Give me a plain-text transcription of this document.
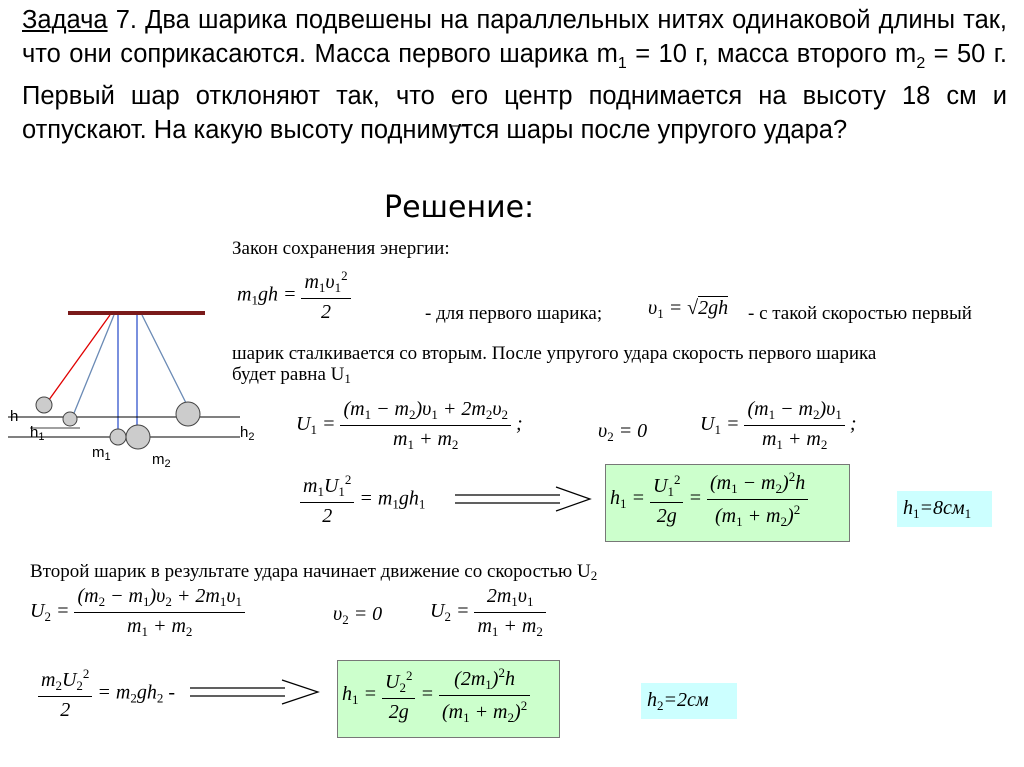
Задача 7. Два шарика подвешены на параллельных нитях одинаковой длины так, что они соприкасаются. Масса первого шарика $m_1 = 10$ г, масса второго $m_2 = 50$ г. Первый шар отклоняют так, что его центр поднимается на высоту 18 см и отпускают. На какую высоту поднимутся шары после упругого удара?
Решение:
h
$h_1$	$h_2$
$m_1$	$m_2$
Закон сохранения энергии:
$m_1gh = \frac{m_1\upsilon_1^2}{2}$	- для первого шарика; $\upsilon_1 = √2gh - с$ такой скоростью первый
шарик сталкивается со вторым. После упругого удара скорость первого шарика
будет равна U1
$U_1 = \frac{(m_1 - m_2)\upsilon_1 + 2m_2\upsilon_2}{m_1 + m_2}$ ;	$\upsilon_2 = 0$	$U_1 = \frac{(m_1 - m_2)\upsilon_1}{m_1 + m_2}$ ;
$\frac{m_1U_1^2}{2} = m_1gh_1$	$h_1 = \frac{U_1^2}{2g} = \frac{(m_1 - m_2)^2h}{(m_1 + m_2)^2}$	$h_1=8см_1$
Второй шарик в результате удара начинает движение со скоростью U2
$U_2 = \frac{(m_2 - m_1)\upsilon_2 + 2m_1\upsilon_1}{m_1 + m_2}$	$\upsilon_2 = 0$ $U_2 = \frac{2m_1\upsilon_1}{m_1 + m_2}$
$\frac{m_2U_2^2}{2} = m_2gh_2$ -	$h_1 = \frac{U_2^2}{2g} = \frac{(2m_1)^2h}{(m_1 + m_2)^2}$	$h_2=2см$
